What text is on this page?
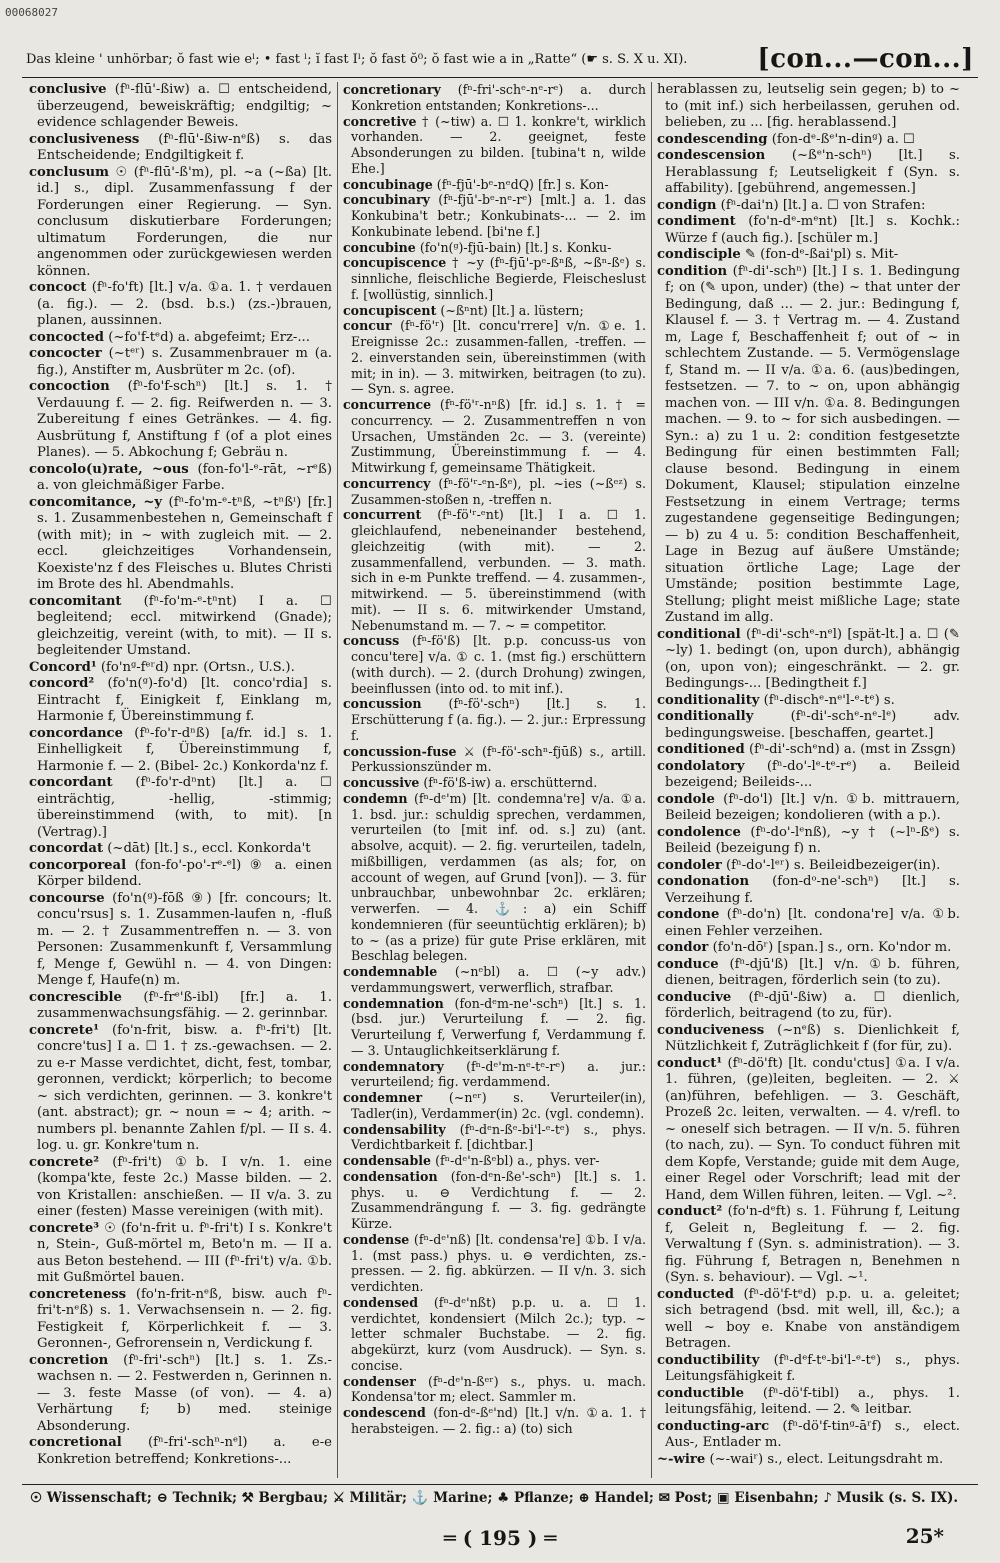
00068027
Das kleine ' unhörbar; ŏ fast wie eˡ; • fast ˡ; ĭ fast Iˡ; ŏ fast ŏ⁰; ŏ fast wie a in „Ratte“ (☛ s. S. X u. XI).	[con...—con...]

conclusive (fⁿ-flū'-ßiw) a. ☐ entscheidend, überzeugend, beweiskräftig; endgiltig; ~ evidence schlagender Beweis.

conclusiveness (fⁿ-flū'-ßiw-nᵉß) s. das Entscheidende; Endgiltigkeit f.

conclusum ☉ (fⁿ-flū'-ß'm), pl. ~a (~ßa) [lt. id.] s., dipl. Zusammenfassung f der Forderungen einer Regierung. — Syn. conclusum diskutierbare Forderungen; ultimatum Forderungen, die nur angenommen oder zurückgewiesen werden können.

concoct (fⁿ-fo'ft) [lt.] v/a. ①a. 1. † verdauen (a. fig.). — 2. (bsd. b.s.) (zs.-)brauen, planen, aussinnen.

concocted (~fo'f-tᵉd) a. abgefeimt; Erz-...

concocter (~tᵉʳ) s. Zusammenbrauer m (a. fig.), Anstifter m, Ausbrüter m 2c. (of).

concoction (fⁿ-fo'f-schⁿ) [lt.] s. 1. † Verdauung f. — 2. fig. Reifwerden n. — 3. Zubereitung f eines Getränkes. — 4. fig. Ausbrütung f, Anstiftung f (of a plot eines Planes). — 5. Abkochung f; Gebräu n.

concolo(u)rate, ~ous (fon-fo'l-ᵉ-rāt, ~rᵉß) a. von gleichmäßiger Farbe.

concomitance, ~y (fⁿ-fo'm-ᵉ-tⁿß, ~tⁿßᶦ) [fr.] s. 1. Zusammenbestehen n, Gemeinschaft f (with mit); in ~ with zugleich mit. — 2. eccl. gleichzeitiges Vorhandensein, Koexiste'nz f des Fleisches u. Blutes Christi im Brote des hl. Abendmahls.

concomitant (fⁿ-fo'm-ᵉ-tⁿnt) I a. ☐ begleitend; eccl. mitwirkend (Gnade); gleichzeitig, vereint (with, to mit). — II s. begleitender Umstand.

Concord¹ (fo'nᵍ-fᵉʳd) npr. (Ortsn., U.S.).

concord² (fo'n(ᵍ)-fo'd) [lt. conco'rdia] s. Eintracht f, Einigkeit f, Einklang m, Harmonie f, Übereinstimmung f.

concordance (fⁿ-fo'r-dⁿß) [a/fr. id.] s. 1. Einhelligkeit f, Übereinstimmung f, Harmonie f. — 2. (Bibel- 2c.) Konkorda'nz f.

concordant (fⁿ-fo'r-dⁿnt) [lt.] a. ☐ einträchtig, -hellig, -stimmig; übereinstimmend (with, to mit). [n (Vertrag).]

concordat (~dāt) [lt.] s., eccl. Konkorda't

concorporeal (fon-fo'-po'-rᵉ-ᵉl) ⑨ a. einen Körper bildend.

concourse (fo'n(ᵍ)-fōß ⑨) [fr. concours; lt. concu'rsus] s. 1. Zusammen-laufen n, -fluß m. — 2. † Zusammentreffen n. — 3. von Personen: Zusammenkunft f, Versammlung f, Menge f, Gewühl n. — 4. von Dingen: Menge f, Haufe(n) m.

concrescible (fⁿ-frᵉ'ß-ibl) [fr.] a. 1. zusammenwachsungsfähig. — 2. gerinnbar.

concrete¹ (fo'n-frit, bisw. a. fⁿ-fri't) [lt. concre'tus] I a. ☐ 1. † zs.-gewachsen. — 2. zu e-r Masse verdichtet, dicht, fest, tombar, geronnen, verdickt; körperlich; to become ~ sich verdichten, gerinnen. — 3. konkre't (ant. abstract); gr. ~ noun = ~ 4; arith. ~ numbers pl. benannte Zahlen f/pl. — II s. 4. log. u. gr. Konkre'tum n.

concrete² (fⁿ-fri't) ①b. I v/n. 1. eine (kompa'kte, feste 2c.) Masse bilden. — 2. von Kristallen: anschießen. — II v/a. 3. zu einer (festen) Masse vereinigen (with mit).

concrete³ ☉ (fo'n-frit u. fⁿ-fri't) I s. Konkre't n, Stein-, Guß-mörtel m, Beto'n m. — II a. aus Beton bestehend. — III (fⁿ-fri't) v/a. ①b. mit Gußmörtel bauen.

concreteness (fo'n-frit-nᵉß, bisw. auch fⁿ-fri't-nᵉß) s. 1. Verwachsensein n. — 2. fig. Festigkeit f, Körperlichkeit f. — 3. Geronnen-, Gefrorensein n, Verdickung f.

concretion (fⁿ-fri'-schⁿ) [lt.] s. 1. Zs.-wachsen n. — 2. Festwerden n, Gerinnen n. — 3. feste Masse (of von). — 4. a) Verhärtung f; b) med. steinige Absonderung.

concretional (fⁿ-fri'-schⁿ-nᵉl) a. e-e Konkretion betreffend; Konkretions-...

concretionary (fⁿ-fri'-schᵉ-nᵉ-rᵉ) a. durch Konkretion entstanden; Konkretions-...

concretive † (~tiw) a. ☐ 1. konkre't, wirklich vorhanden. — 2. geeignet, feste Absonderungen zu bilden. [tubina't n, wilde Ehe.]

concubinage (fⁿ-fjū'-bᵉ-nᵉdQ) [fr.] s. Kon-

concubinary (fⁿ-fjū'-bᵉ-nᵉ-rᵉ) [mlt.] a. 1. das Konkubina't betr.; Konkubinats-... — 2. im Konkubinate lebend. [bi'ne f.]

concubine (fo'n(ᵍ)-fjū-bain) [lt.] s. Konku-

concupiscence † ~y (fⁿ-fjū'-pᵉ-ßⁿß, ~ßⁿ-ßᵉ) s. sinnliche, fleischliche Begierde, Fleischeslust f. [wollüstig, sinnlich.]

concupiscent (~ßⁿnt) [lt.] a. lüstern;

concur (fⁿ-fö'ʳ) [lt. concu'rrere] v/n. ①e. 1. Ereignisse 2c.: zusammen-fallen, -treffen. — 2. einverstanden sein, übereinstimmen (with mit; in in). — 3. mitwirken, beitragen (to zu). — Syn. s. agree.

concurrence (fⁿ-fö'ʳ-nⁿß) [fr. id.] s. 1. † = concurrency. — 2. Zusammentreffen n von Ursachen, Umständen 2c. — 3. (vereinte) Zustimmung, Übereinstimmung f. — 4. Mitwirkung f, gemeinsame Thätigkeit.

concurrency (fⁿ-fö'ʳ-ᵉn-ßᵉ), pl. ~ies (~ßᵉᶻ) s. Zusammen-stoßen n, -treffen n.

concurrent (fⁿ-fö'ʳ-ᵉnt) [lt.] I a. ☐ 1. gleichlaufend, nebeneinander bestehend, gleichzeitig (with mit). — 2. zusammenfallend, verbunden. — 3. math. sich in e-m Punkte treffend. — 4. zusammen-, mitwirkend. — 5. übereinstimmend (with mit). — II s. 6. mitwirkender Umstand, Nebenumstand m. — 7. ~ = competitor.

concuss (fⁿ-fö'ß) [lt. p.p. concuss-us von concu'tere] v/a. ① c. 1. (mst fig.) erschüttern (with durch). — 2. (durch Drohung) zwingen, beeinflussen (into od. to mit inf.).

concussion (fⁿ-fö'-schⁿ) [lt.] s. 1. Erschütterung f (a. fig.). — 2. jur.: Erpressung f.

concussion-fuse ⚔ (fⁿ-fö'-schⁿ-fjūß) s., artill. Perkussionszünder m.

concussive (fⁿ-fö'ß-iw) a. erschütternd.

condemn (fⁿ-dᵉ'm) [lt. condemna're] v/a. ①a. 1. bsd. jur.: schuldig sprechen, verdammen, verurteilen (to [mit inf. od. s.] zu) (ant. absolve, acquit). — 2. fig. verurteilen, tadeln, mißbilligen, verdammen (as als; for, on account of wegen, auf Grund [von]). — 3. für unbrauchbar, unbewohnbar 2c. erklären; verwerfen. — 4. ⚓: a) ein Schiff kondemnieren (für seeuntüchtig erklären); b) to ~ (as a prize) für gute Prise erklären, mit Beschlag belegen.

condemnable (~nᵉbl) a. ☐ (~y adv.) verdammungswert, verwerflich, strafbar.

condemnation (fon-dᵉm-ne'-schⁿ) [lt.] s. 1. (bsd. jur.) Verurteilung f. — 2. fig. Verurteilung f, Verwerfung f, Verdammung f. — 3. Untauglichkeitserklärung f.

condemnatory (fⁿ-dᵉ'm-nᵉ-tᵉ-rᵉ) a. jur.: verurteilend; fig. verdammend.

condemner (~nᵉʳ) s. Verurteiler(in), Tadler(in), Verdammer(in) 2c. (vgl. condemn).

condensability (fⁿ-dᵉn-ßᵉ-bi'l-ᵉ-tᵉ) s., phys. Verdichtbarkeit f. [dichtbar.]

condensable (fⁿ-dᵉ'n-ßᵉbl) a., phys. ver-

condensation (fon-dᵉn-ße'-schⁿ) [lt.] s. 1. phys. u. ⊖ Verdichtung f. — 2. Zusammendrängung f. — 3. fig. gedrängte Kürze.

condense (fⁿ-dᵉ'nß) [lt. condensa're] ①b. I v/a. 1. (mst pass.) phys. u. ⊖ verdichten, zs.-pressen. — 2. fig. abkürzen. — II v/n. 3. sich verdichten.

condensed (fⁿ-dᵉ'nßt) p.p. u. a. ☐ 1. verdichtet, kondensiert (Milch 2c.); typ. ~ letter schmaler Buchstabe. — 2. fig. abgekürzt, kurz (vom Ausdruck). — Syn. s. concise.

condenser (fⁿ-dᵉ'n-ßᵉʳ) s., phys. u. mach. Kondensa'tor m; elect. Sammler m.

condescend (fon-dᵉ-ßᵉ'nd) [lt.] v/n. ①a. 1. † herabsteigen. — 2. fig.: a) (to) sich

herablassen zu, leutselig sein gegen; b) to ~ to (mit inf.) sich herbeilassen, geruhen od. belieben, zu ... [fig. herablassend.]

condescending (fon-dᵉ-ßᵉ'n-dinᵍ) a. ☐

condescension (~ßᵉ'n-schⁿ) [lt.] s. Herablassung f; Leutseligkeit f (Syn. s. affability). [gebührend, angemessen.]

condign (fⁿ-dai'n) [lt.] a. ☐ von Strafen:

condiment (fo'n-dᵉ-mᵉnt) [lt.] s. Kochk.: Würze f (auch fig.). [schüler m.]

condisciple ✎ (fon-dᵉ-ßai'pl) s. Mit-

condition (fⁿ-di'-schⁿ) [lt.] I s. 1. Bedingung f; on (✎ upon, under) (the) ~ that unter der Bedingung, daß ... — 2. jur.: Bedingung f, Klausel f. — 3. † Vertrag m. — 4. Zustand m, Lage f, Beschaffenheit f; out of ~ in schlechtem Zustande. — 5. Vermögenslage f, Stand m. — II v/a. ①a. 6. (aus)bedingen, festsetzen. — 7. to ~ on, upon abhängig machen von. — III v/n. ①a. 8. Bedingungen machen. — 9. to ~ for sich ausbedingen. — Syn.: a) zu 1 u. 2: condition festgesetzte Bedingung für einen bestimmten Fall; clause besond. Bedingung in einem Dokument, Klausel; stipulation einzelne Festsetzung in einem Vertrage; terms zugestandene gegenseitige Bedingungen; — b) zu 4 u. 5: condition Beschaffenheit, Lage in Bezug auf äußere Umstände; situation örtliche Lage; Lage der Umstände; position bestimmte Lage, Stellung; plight meist mißliche Lage; state Zustand im allg.

conditional (fⁿ-di'-schᵉ-nᵉl) [spät-lt.] a. ☐ (✎ ~ly) 1. bedingt (on, upon durch), abhängig (on, upon von); eingeschränkt. — 2. gr. Bedingungs-... [Bedingtheit f.]

conditionality (fⁿ-dischᵉ-nᵉ'l-ᵉ-tᵉ) s.

conditionally	(fⁿ-di'-schᵉ-nᵉ-lᵉ) adv. bedingungsweise. [beschaffen, geartet.]

conditioned (fⁿ-di'-schᵉnd) a. (mst in Zssgn)

condolatory (fⁿ-do'-lᵉ-tᵉ-rᵉ) a. Beileid bezeigend; Beileids-...

condole (fⁿ-do'l) [lt.] v/n. ①b. mittrauern, Beileid bezeigen; kondolieren (with a p.).

condolence (fⁿ-do'-lᵉnß), ~y † (~lⁿ-ßᵉ) s. Beileid (bezeigung f) n.

condoler (fⁿ-do'-lᵉʳ) s. Beileidbezeiger(in).

condonation (fon-dᵒ-ne'-schⁿ) [lt.] s. Verzeihung f.

condone (fⁿ-do'n) [lt. condona're] v/a. ①b. einen Fehler verzeihen.

condor (fo'n-dōʳ) [span.] s., orn. Ko'ndor m.

conduce (fⁿ-djū'ß) [lt.] v/n. ①b. führen, dienen, beitragen, förderlich sein (to zu).

conducive (fⁿ-djū'-ßiw) a. ☐ dienlich, förderlich, beitragend (to zu, für).

conduciveness (~nᵉß) s. Dienlichkeit f, Nützlichkeit f, Zuträglichkeit f (for für, zu).

conduct¹ (fⁿ-dö'ft) [lt. condu'ctus] ①a. I v/a. 1. führen, (ge)leiten, begleiten. — 2. ⚔ (an)führen, befehligen. — 3. Geschäft, Prozeß 2c. leiten, verwalten. — 4. v/refl. to ~ oneself sich betragen. — II v/n. 5. führen (to nach, zu). — Syn. To conduct führen mit dem Kopfe, Verstande; guide mit dem Auge, einer Regel oder Vorschrift; lead mit der Hand, dem Willen führen, leiten. — Vgl. ~².

conduct² (fo'n-dᵉft) s. 1. Führung f, Leitung f, Geleit n, Begleitung f. — 2. fig. Verwaltung f (Syn. s. administration). — 3. fig. Führung f, Betragen n, Benehmen n (Syn. s. behaviour). — Vgl. ~¹.

conducted (fⁿ-dö'f-tᵉd) p.p. u. a. geleitet; sich betragend (bsd. mit well, ill, &c.); a well ~ boy e. Knabe von anständigem Betragen.

conductibility (fⁿ-dᵉf-tᵉ-bi'l-ᵉ-tᵉ) s., phys. Leitungsfähigkeit f.

conductible (fⁿ-dö'f-tibl) a., phys. 1. leitungsfähig, leitend. — 2. ✎ leitbar.

conducting-arc (fⁿ-dö'f-tinᵍ-āʳf) s., elect. Aus-, Entlader m.

~-wire (~-waiʳ) s., elect. Leitungsdraht m.

☉ Wissenschaft; ⊖ Technik; ⚒ Bergbau; ⚔ Militär; ⚓ Marine; ♣ Pflanze; ⊕ Handel; ✉ Post; ▣ Eisenbahn; ♪ Musik (s. S. IX).
═ ( 195 ) ═	25*
